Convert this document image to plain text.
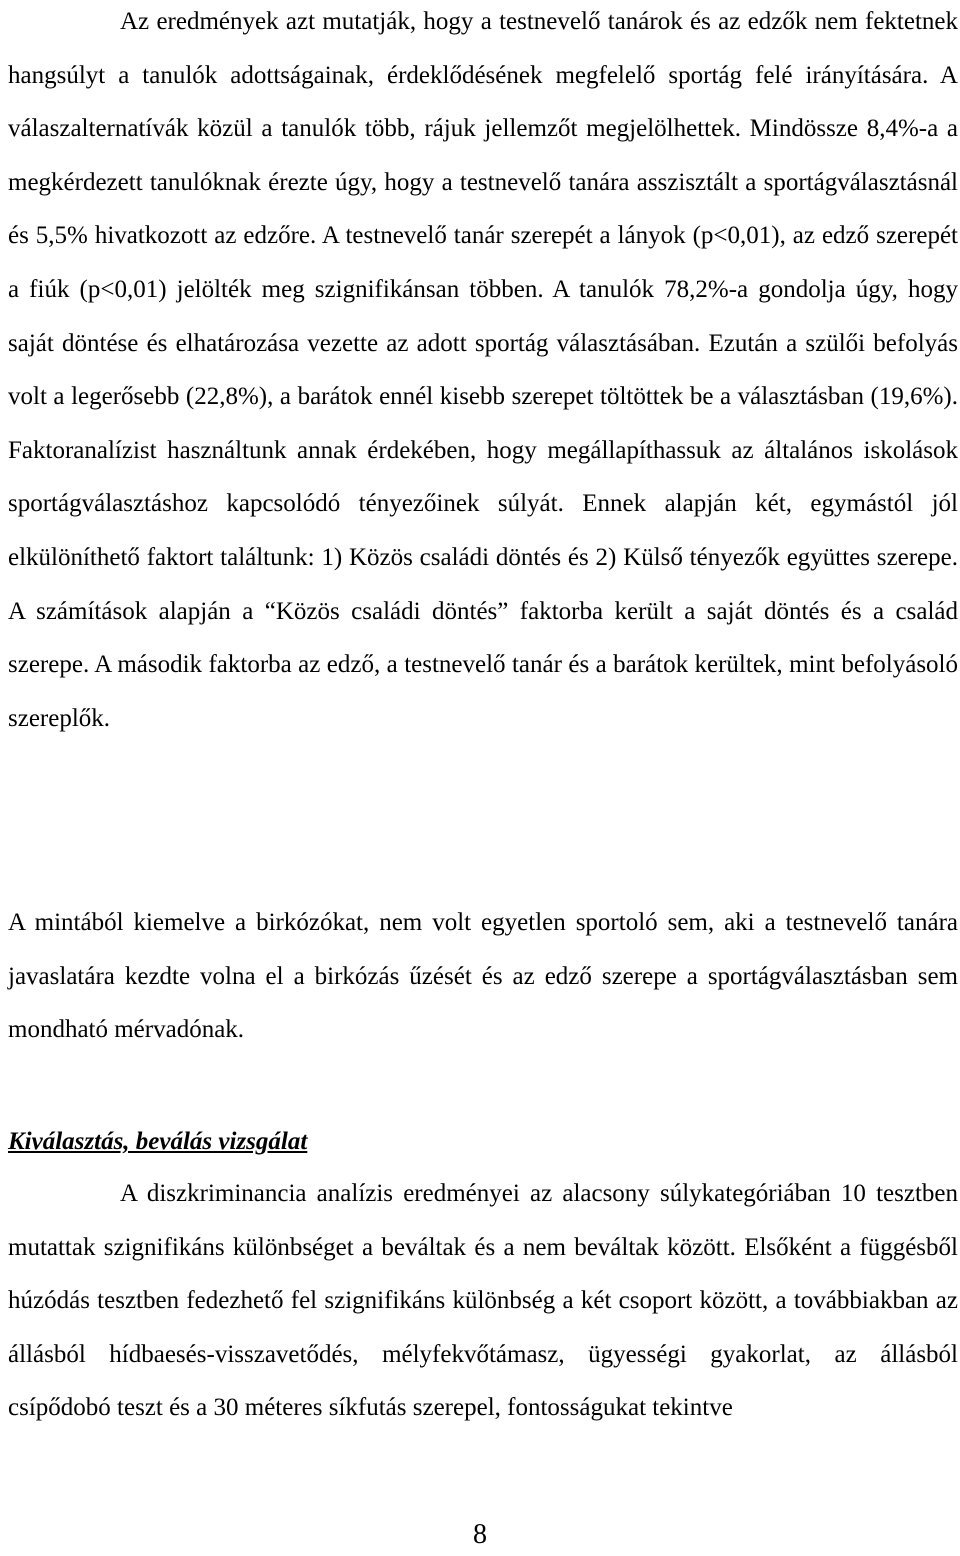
Az eredmények azt mutatják, hogy a testnevelő tanárok és az edzők nem fektetnek hangsúlyt a tanulók adottságainak, érdeklődésének megfelelő sportág felé irányítására. A válaszalternatívák közül a tanulók több, rájuk jellemzőt megjelölhettek. Mindössze 8,4%-a a megkérdezett tanulóknak érezte úgy, hogy a testnevelő tanára asszisztált a sportágválasztásnál és 5,5% hivatkozott az edzőre. A testnevelő tanár szerepét a lányok (p<0,01), az edző szerepét a fiúk (p<0,01) jelölték meg szignifikánsan többen. A tanulók 78,2%-a gondolja úgy, hogy saját döntése és elhatározása vezette az adott sportág választásában. Ezután a szülői befolyás volt a legerősebb (22,8%), a barátok ennél kisebb szerepet töltöttek be a választásban (19,6%). Faktoranalízist használtunk annak érdekében, hogy megállapíthassuk az általános iskolások sportágválasztáshoz kapcsolódó tényezőinek súlyát. Ennek alapján két, egymástól jól elkülöníthető faktort találtunk: 1) Közös családi döntés és 2) Külső tényezők együttes szerepe. A számítások alapján a “Közös családi döntés” faktorba került a saját döntés és a család szerepe. A második faktorba az edző, a testnevelő tanár és a barátok kerültek, mint befolyásoló szereplők.

A mintából kiemelve a birkózókat, nem volt egyetlen sportoló sem, aki a testnevelő tanára javaslatára kezdte volna el a birkózás űzését és az edző szerepe a sportágválasztásban sem mondható mérvadónak.

Kiválasztás, beválás vizsgálat

A diszkriminancia analízis eredményei az alacsony súlykategóriában 10 tesztben mutattak szignifikáns különbséget a beváltak és a nem beváltak között. Elsőként a függésből húzódás tesztben fedezhető fel szignifikáns különbség a két csoport között, a továbbiakban az állásból hídbaesés-visszavetődés, mélyfekvőtámasz, ügyességi gyakorlat, az állásból csípődobó teszt és a 30 méteres síkfutás szerepel, fontosságukat tekintve

8
